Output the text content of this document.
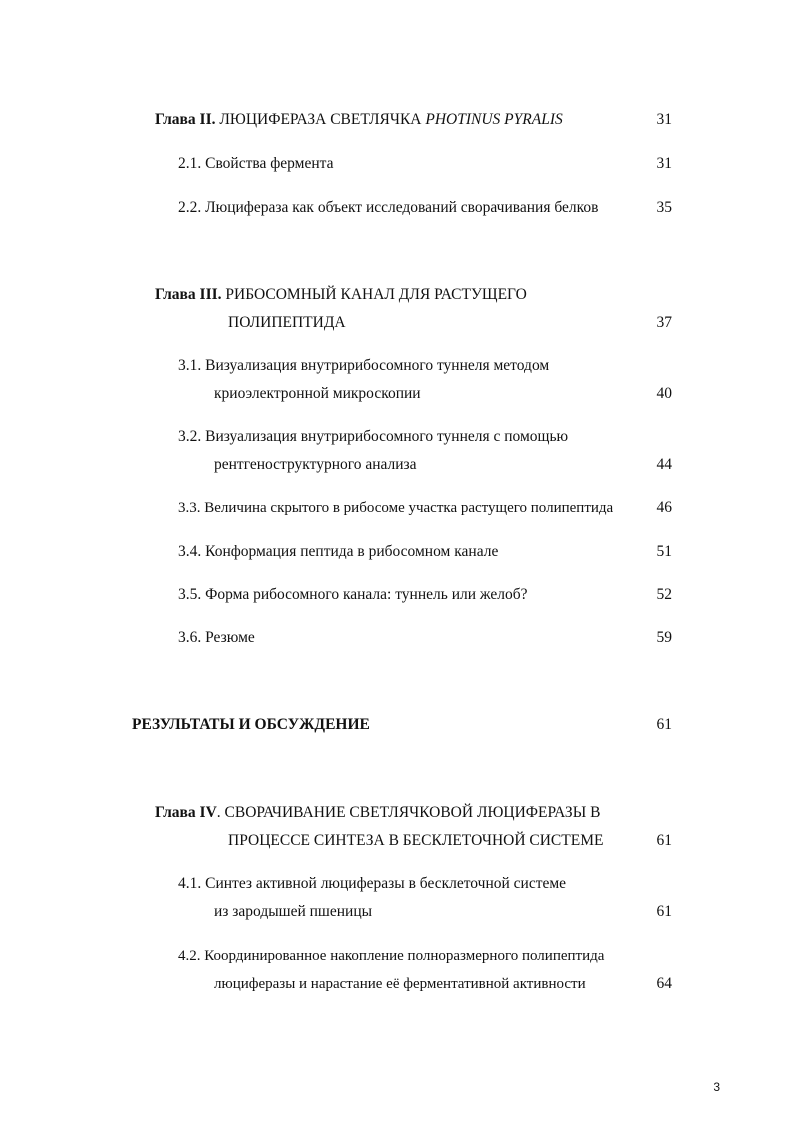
Глава II. ЛЮЦИФЕРАЗА СВЕТЛЯЧКА PHOTINUS PYRALIS	31
2.1. Свойства фермента	31
2.2. Люцифераза как объект исследований сворачивания белков	35
Глава III. РИБОСОМНЫЙ КАНАЛ ДЛЯ РАСТУЩЕГО
ПОЛИПЕПТИДА	37
3.1. Визуализация внутририбосомного туннеля методом
криоэлектронной микроскопии	40
3.2. Визуализация внутририбосомного туннеля с помощью
рентгеноструктурного анализа	44
3.3. Величина скрытого в рибосоме участка растущего полипептида	46
3.4. Конформация пептида в рибосомном канале	51
3.5. Форма рибосомного канала: туннель или желоб?	52
3.6. Резюме	59
РЕЗУЛЬТАТЫ И ОБСУЖДЕНИЕ	61
Глава IV. СВОРАЧИВАНИЕ СВЕТЛЯЧКОВОЙ ЛЮЦИФЕРАЗЫ В
ПРОЦЕССЕ СИНТЕЗА В БЕСКЛЕТОЧНОЙ СИСТЕМЕ	61
4.1. Синтез активной люциферазы в бесклеточной системе
из зародышей пшеницы	61
4.2. Координированное накопление полноразмерного полипептида
люциферазы и нарастание её ферментативной активности	64
3
